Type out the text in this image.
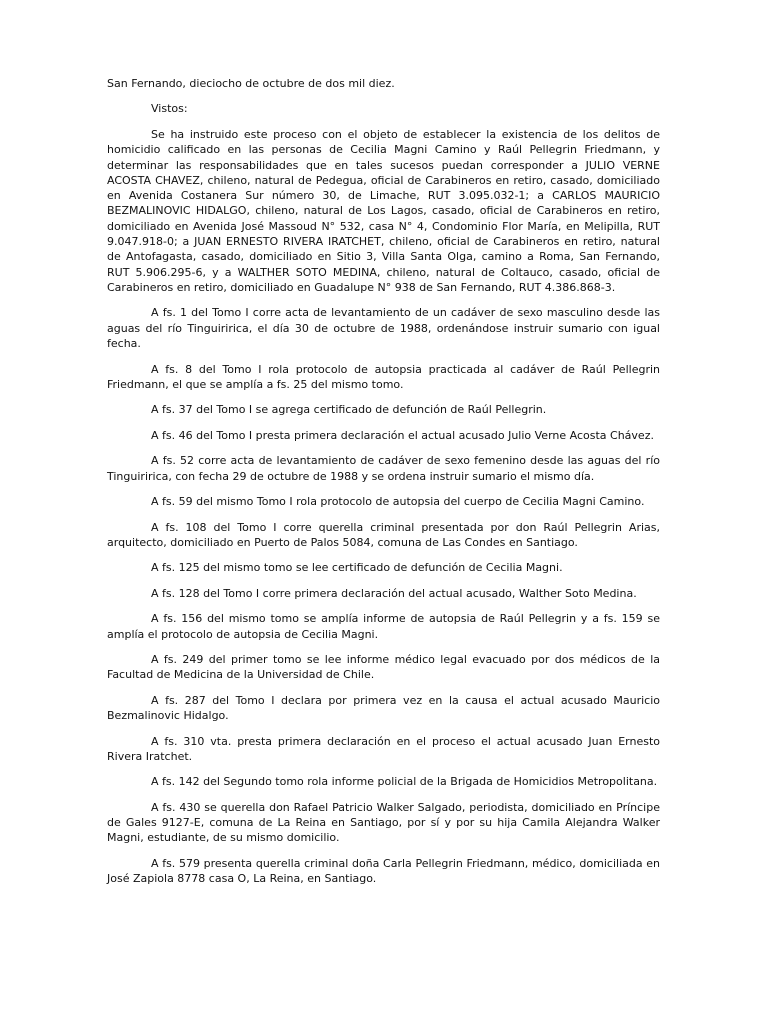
San Fernando, dieciocho de octubre de dos mil diez.

Vistos:

Se ha instruido este proceso con el objeto de establecer la existencia de los delitos de homicidio calificado en las personas de Cecilia Magni Camino y Raúl Pellegrin Friedmann, y determinar las responsabilidades que en tales sucesos puedan corresponder a JULIO VERNE ACOSTA CHAVEZ, chileno, natural de Pedegua, oficial de Carabineros en retiro, casado, domiciliado en Avenida Costanera Sur número 30, de Limache, RUT 3.095.032-1; a CARLOS MAURICIO BEZMALINOVIC HIDALGO, chileno, natural de Los Lagos, casado, oficial de Carabineros en retiro, domiciliado en Avenida José Massoud N° 532, casa N° 4, Condominio Flor María, en Melipilla, RUT 9.047.918-0; a JUAN ERNESTO RIVERA IRATCHET, chileno, oficial de Carabineros en retiro, natural de Antofagasta, casado, domiciliado en Sitio 3, Villa Santa Olga, camino a Roma, San Fernando, RUT 5.906.295-6, y a WALTHER SOTO MEDINA, chileno, natural de Coltauco, casado, oficial de Carabineros en retiro, domiciliado en Guadalupe N° 938 de San Fernando, RUT 4.386.868-3.

A fs. 1 del Tomo I corre acta de levantamiento de un cadáver de sexo masculino desde las aguas del río Tinguiririca, el día 30 de octubre de 1988, ordenándose instruir sumario con igual fecha.

A fs. 8 del Tomo I rola protocolo de autopsia practicada al cadáver de Raúl Pellegrin Friedmann, el que se amplía a fs. 25 del mismo tomo.

A fs. 37 del Tomo I se agrega certificado de defunción de Raúl Pellegrin.

A fs. 46 del Tomo I presta primera declaración el actual acusado Julio Verne Acosta Chávez.

A fs. 52 corre acta de levantamiento de cadáver de sexo femenino desde las aguas del río Tinguiririca, con fecha 29 de octubre de 1988 y se ordena instruir sumario el mismo día.

A fs. 59 del mismo Tomo I rola protocolo de autopsia del cuerpo de Cecilia Magni Camino.

A fs. 108 del Tomo I corre querella criminal presentada por don Raúl Pellegrin Arias, arquitecto, domiciliado en Puerto de Palos 5084, comuna de Las Condes en Santiago.

A fs. 125 del mismo tomo se lee certificado de defunción de Cecilia Magni.

A fs. 128 del Tomo I corre primera declaración del actual acusado, Walther Soto Medina.

A fs. 156 del mismo tomo se amplía informe de autopsia de Raúl Pellegrin y a fs. 159 se amplía el protocolo de autopsia de Cecilia Magni.

A fs. 249 del primer tomo se lee informe médico legal evacuado por dos médicos de la Facultad de Medicina de la Universidad de Chile.

A fs. 287 del Tomo I declara por primera vez en la causa el actual acusado Mauricio Bezmalinovic Hidalgo.

A fs. 310 vta. presta primera declaración en el proceso el actual acusado Juan Ernesto Rivera Iratchet.

A fs. 142 del Segundo tomo rola informe policial de la Brigada de Homicidios Metropolitana.

A fs. 430 se querella don Rafael Patricio Walker Salgado, periodista, domiciliado en Príncipe de Gales 9127-E, comuna de La Reina en Santiago, por sí y por su hija Camila Alejandra Walker Magni, estudiante, de su mismo domicilio.

A fs. 579 presenta querella criminal doña Carla Pellegrin Friedmann, médico, domiciliada en José Zapiola 8778 casa O, La Reina, en Santiago.
